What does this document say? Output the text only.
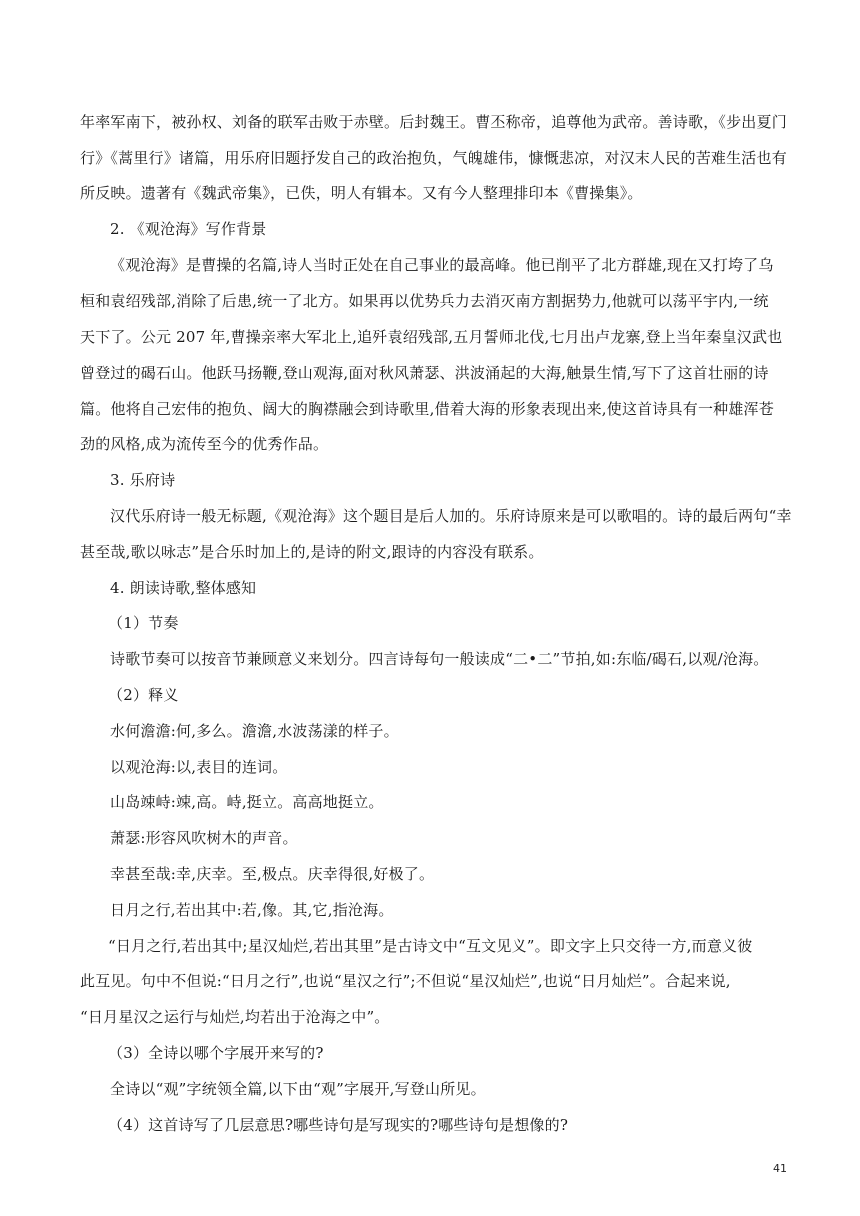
年率军南下，被孙权、刘备的联军击败于赤壁。后封魏王。曹丕称帝，追尊他为武帝。善诗歌，《步出夏门
行》《蒿里行》诸篇，用乐府旧题抒发自己的政治抱负，气魄雄伟，慷慨悲凉，对汉末人民的苦难生活也有
所反映。遗著有《魏武帝集》，已佚，明人有辑本。又有今人整理排印本《曹操集》。
2. 《观沧海》写作背景
《观沧海》是曹操的名篇,诗人当时正处在自己事业的最高峰。他已削平了北方群雄,现在又打垮了乌
桓和袁绍残部,消除了后患,统一了北方。如果再以优势兵力去消灭南方割据势力,他就可以荡平宇内,一统
天下了。公元 207 年,曹操亲率大军北上,追歼袁绍残部,五月誓师北伐,七月出卢龙寨,登上当年秦皇汉武也
曾登过的碣石山。他跃马扬鞭,登山观海,面对秋风萧瑟、洪波涌起的大海,触景生情,写下了这首壮丽的诗
篇。他将自己宏伟的抱负、阔大的胸襟融会到诗歌里,借着大海的形象表现出来,使这首诗具有一种雄浑苍
劲的风格,成为流传至今的优秀作品。
3. 乐府诗
汉代乐府诗一般无标题,《观沧海》这个题目是后人加的。乐府诗原来是可以歌唱的。诗的最后两句“幸
甚至哉,歌以咏志”是合乐时加上的,是诗的附文,跟诗的内容没有联系。
4. 朗读诗歌,整体感知
（1）节奏
诗歌节奏可以按音节兼顾意义来划分。四言诗每句一般读成“二•二”节拍,如:东临/碣石,以观/沧海。
（2）释义
水何澹澹:何,多么。澹澹,水波荡漾的样子。
以观沧海:以,表目的连词。
山岛竦峙:竦,高。峙,挺立。高高地挺立。
萧瑟:形容风吹树木的声音。
幸甚至哉:幸,庆幸。至,极点。庆幸得很,好极了。
日月之行,若出其中:若,像。其,它,指沧海。
“日月之行,若出其中;星汉灿烂,若出其里”是古诗文中“互文见义”。即文字上只交待一方,而意义彼
此互见。句中不但说:“日月之行”,也说“星汉之行”;不但说“星汉灿烂”,也说“日月灿烂”。合起来说,
“日月星汉之运行与灿烂,均若出于沧海之中”。
（3）全诗以哪个字展开来写的?
全诗以“观”字统领全篇,以下由“观”字展开,写登山所见。
（4）这首诗写了几层意思?哪些诗句是写现实的?哪些诗句是想像的?
41
